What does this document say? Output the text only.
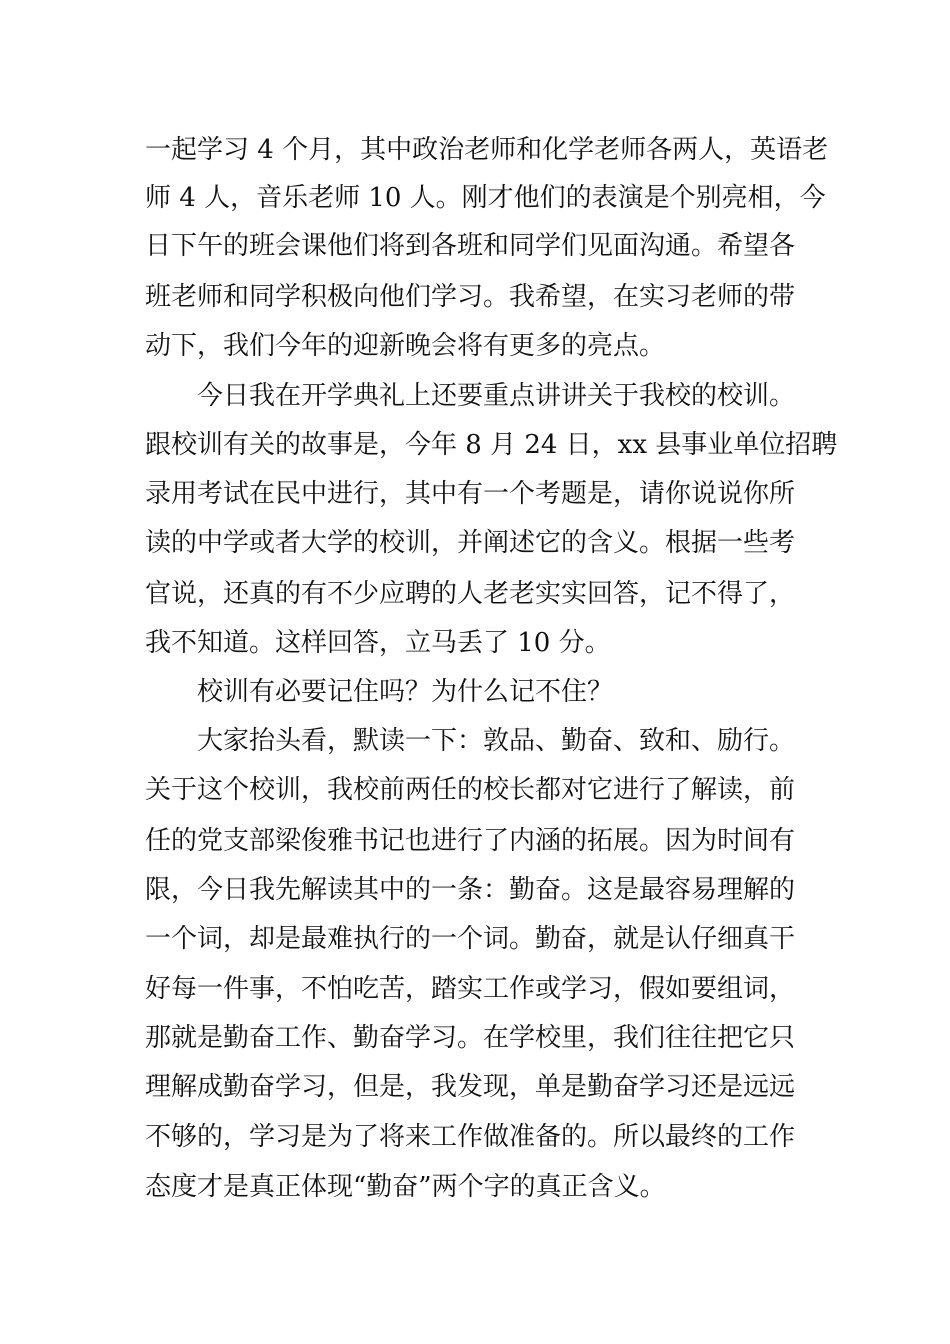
一起学习 4 个月，其中政治老师和化学老师各两人，英语老
师 4 人，音乐老师 10 人。刚才他们的表演是个别亮相，今
日下午的班会课他们将到各班和同学们见面沟通。希望各
班老师和同学积极向他们学习。我希望，在实习老师的带
动下，我们今年的迎新晚会将有更多的亮点。
今日我在开学典礼上还要重点讲讲关于我校的校训。
跟校训有关的故事是，今年 8 月 24 日，xx 县事业单位招聘
录用考试在民中进行，其中有一个考题是，请你说说你所
读的中学或者大学的校训，并阐述它的含义。根据一些考
官说，还真的有不少应聘的人老老实实回答，记不得了，
我不知道。这样回答，立马丢了 10 分。
校训有必要记住吗？为什么记不住？
大家抬头看，默读一下：敦品、勤奋、致和、励行。
关于这个校训，我校前两任的校长都对它进行了解读，前
任的党支部梁俊雅书记也进行了内涵的拓展。因为时间有
限，今日我先解读其中的一条：勤奋。这是最容易理解的
一个词，却是最难执行的一个词。勤奋，就是认仔细真干
好每一件事，不怕吃苦，踏实工作或学习，假如要组词，
那就是勤奋工作、勤奋学习。在学校里，我们往往把它只
理解成勤奋学习，但是，我发现，单是勤奋学习还是远远
不够的，学习是为了将来工作做准备的。所以最终的工作
态度才是真正体现“勤奋”两个字的真正含义。
